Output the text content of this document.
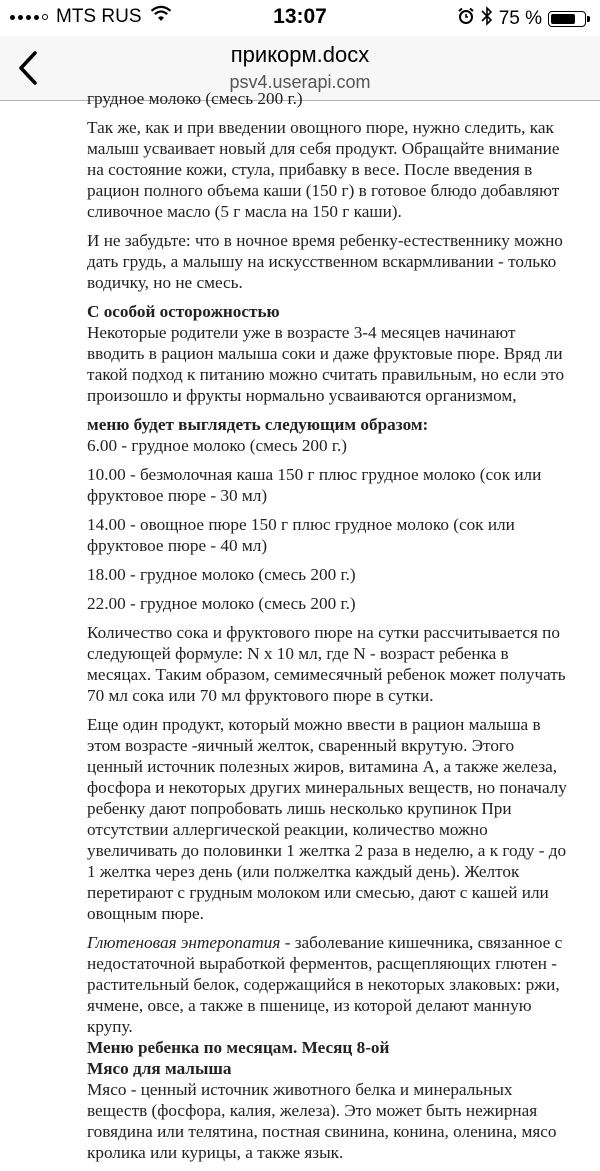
MTS RUS	13:07	75 %
прикорм.docx
psv4.userapi.com

грудное молоко (смесь 200 г.)

Так же, как и при введении овощного пюре, нужно следить, как малыш усваивает новый для себя продукт. Обращайте внимание на состояние кожи, стула, прибавку в весе. После введения в рацион полного объема каши (150 г) в готовое блюдо добавляют сливочное масло (5 г масла на 150 г каши).

И не забудьте: что в ночное время ребенку-естественнику можно дать грудь, а малышу на искусственном вскармливании - только водичку, но не смесь.

С особой осторожностью

Некоторые родители уже в возрасте 3-4 месяцев начинают вводить в рацион малыша соки и даже фруктовые пюре. Вряд ли такой подход к питанию можно считать правильным, но если это произошло и фрукты нормально усваиваются организмом,

меню будет выглядеть следующим образом:

6.00 - грудное молоко (смесь 200 г.)

10.00 - безмолочная каша 150 г плюс грудное молоко (сок или фруктовое пюре - 30 мл)

14.00 - овощное пюре 150 г плюс грудное молоко (сок или фруктовое пюре - 40 мл)

18.00 - грудное молоко (смесь 200 г.)

22.00 - грудное молоко (смесь 200 г.)

Количество сока и фруктового пюре на сутки рассчитывается по следующей формуле: N х 10 мл, где N - возраст ребенка в месяцах. Таким образом, семимесячный ребенок может получать 70 мл сока или 70 мл фруктового пюре в сутки.

Еще один продукт, который можно ввести в рацион малыша в этом возрасте -яичный желток, сваренный вкрутую. Этого ценный источник полезных жиров, витамина А, а также железа, фосфора и некоторых других минеральных веществ, но поначалу ребенку дают попробовать лишь несколько крупинок При отсутствии аллергической реакции, количество можно увеличивать до половинки 1 желтка 2 раза в неделю, а к году - до 1 желтка через день (или полжелтка каждый день). Желток перетирают с грудным молоком или смесью, дают с кашей или овощным пюре.

Глютеновая энтеропатия - заболевание кишечника, связанное с недостаточной выработкой ферментов, расщепляющих глютен - растительный белок, содержащийся в некоторых злаковых: ржи, ячмене, овсе, а также в пшенице, из которой делают манную крупу.

Меню ребенка по месяцам. Месяц 8-ой

Мясо для малыша

Мясо - ценный источник животного белка и минеральных веществ (фосфора, калия, железа). Это может быть нежирная говядина или телятина, постная свинина, конина, оленина, мясо кролика или курицы, а также язык.
